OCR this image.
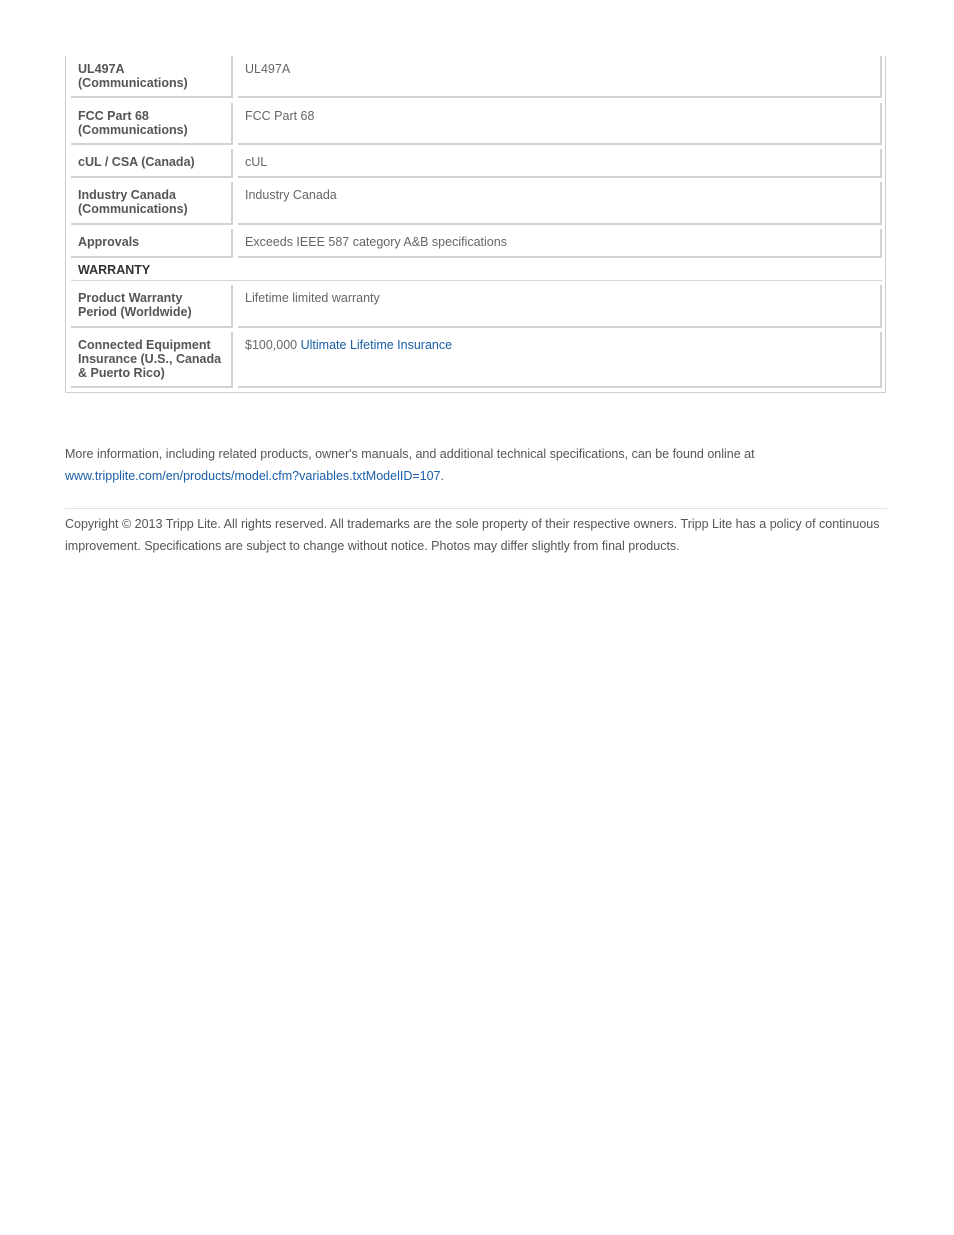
UL497A (Communications)
UL497A
FCC Part 68 (Communications)
FCC Part 68
cUL / CSA (Canada)	cUL
Industry Canada (Communications)
Industry Canada
Approvals	Exceeds IEEE 587 category A&B specifications
WARRANTY
Product Warranty Period (Worldwide)
Lifetime limited warranty
Connected Equipment Insurance (U.S., Canada & Puerto Rico)
$100,000 Ultimate Lifetime Insurance
More information, including related products, owner's manuals, and additional technical specifications, can be found online at
www.tripplite.com/en/products/model.cfm?variables.txtModelID=107.
Copyright © 2013 Tripp Lite. All rights reserved. All trademarks are the sole property of their respective owners. Tripp Lite has a policy of continuous
improvement. Specifications are subject to change without notice. Photos may differ slightly from final products.
